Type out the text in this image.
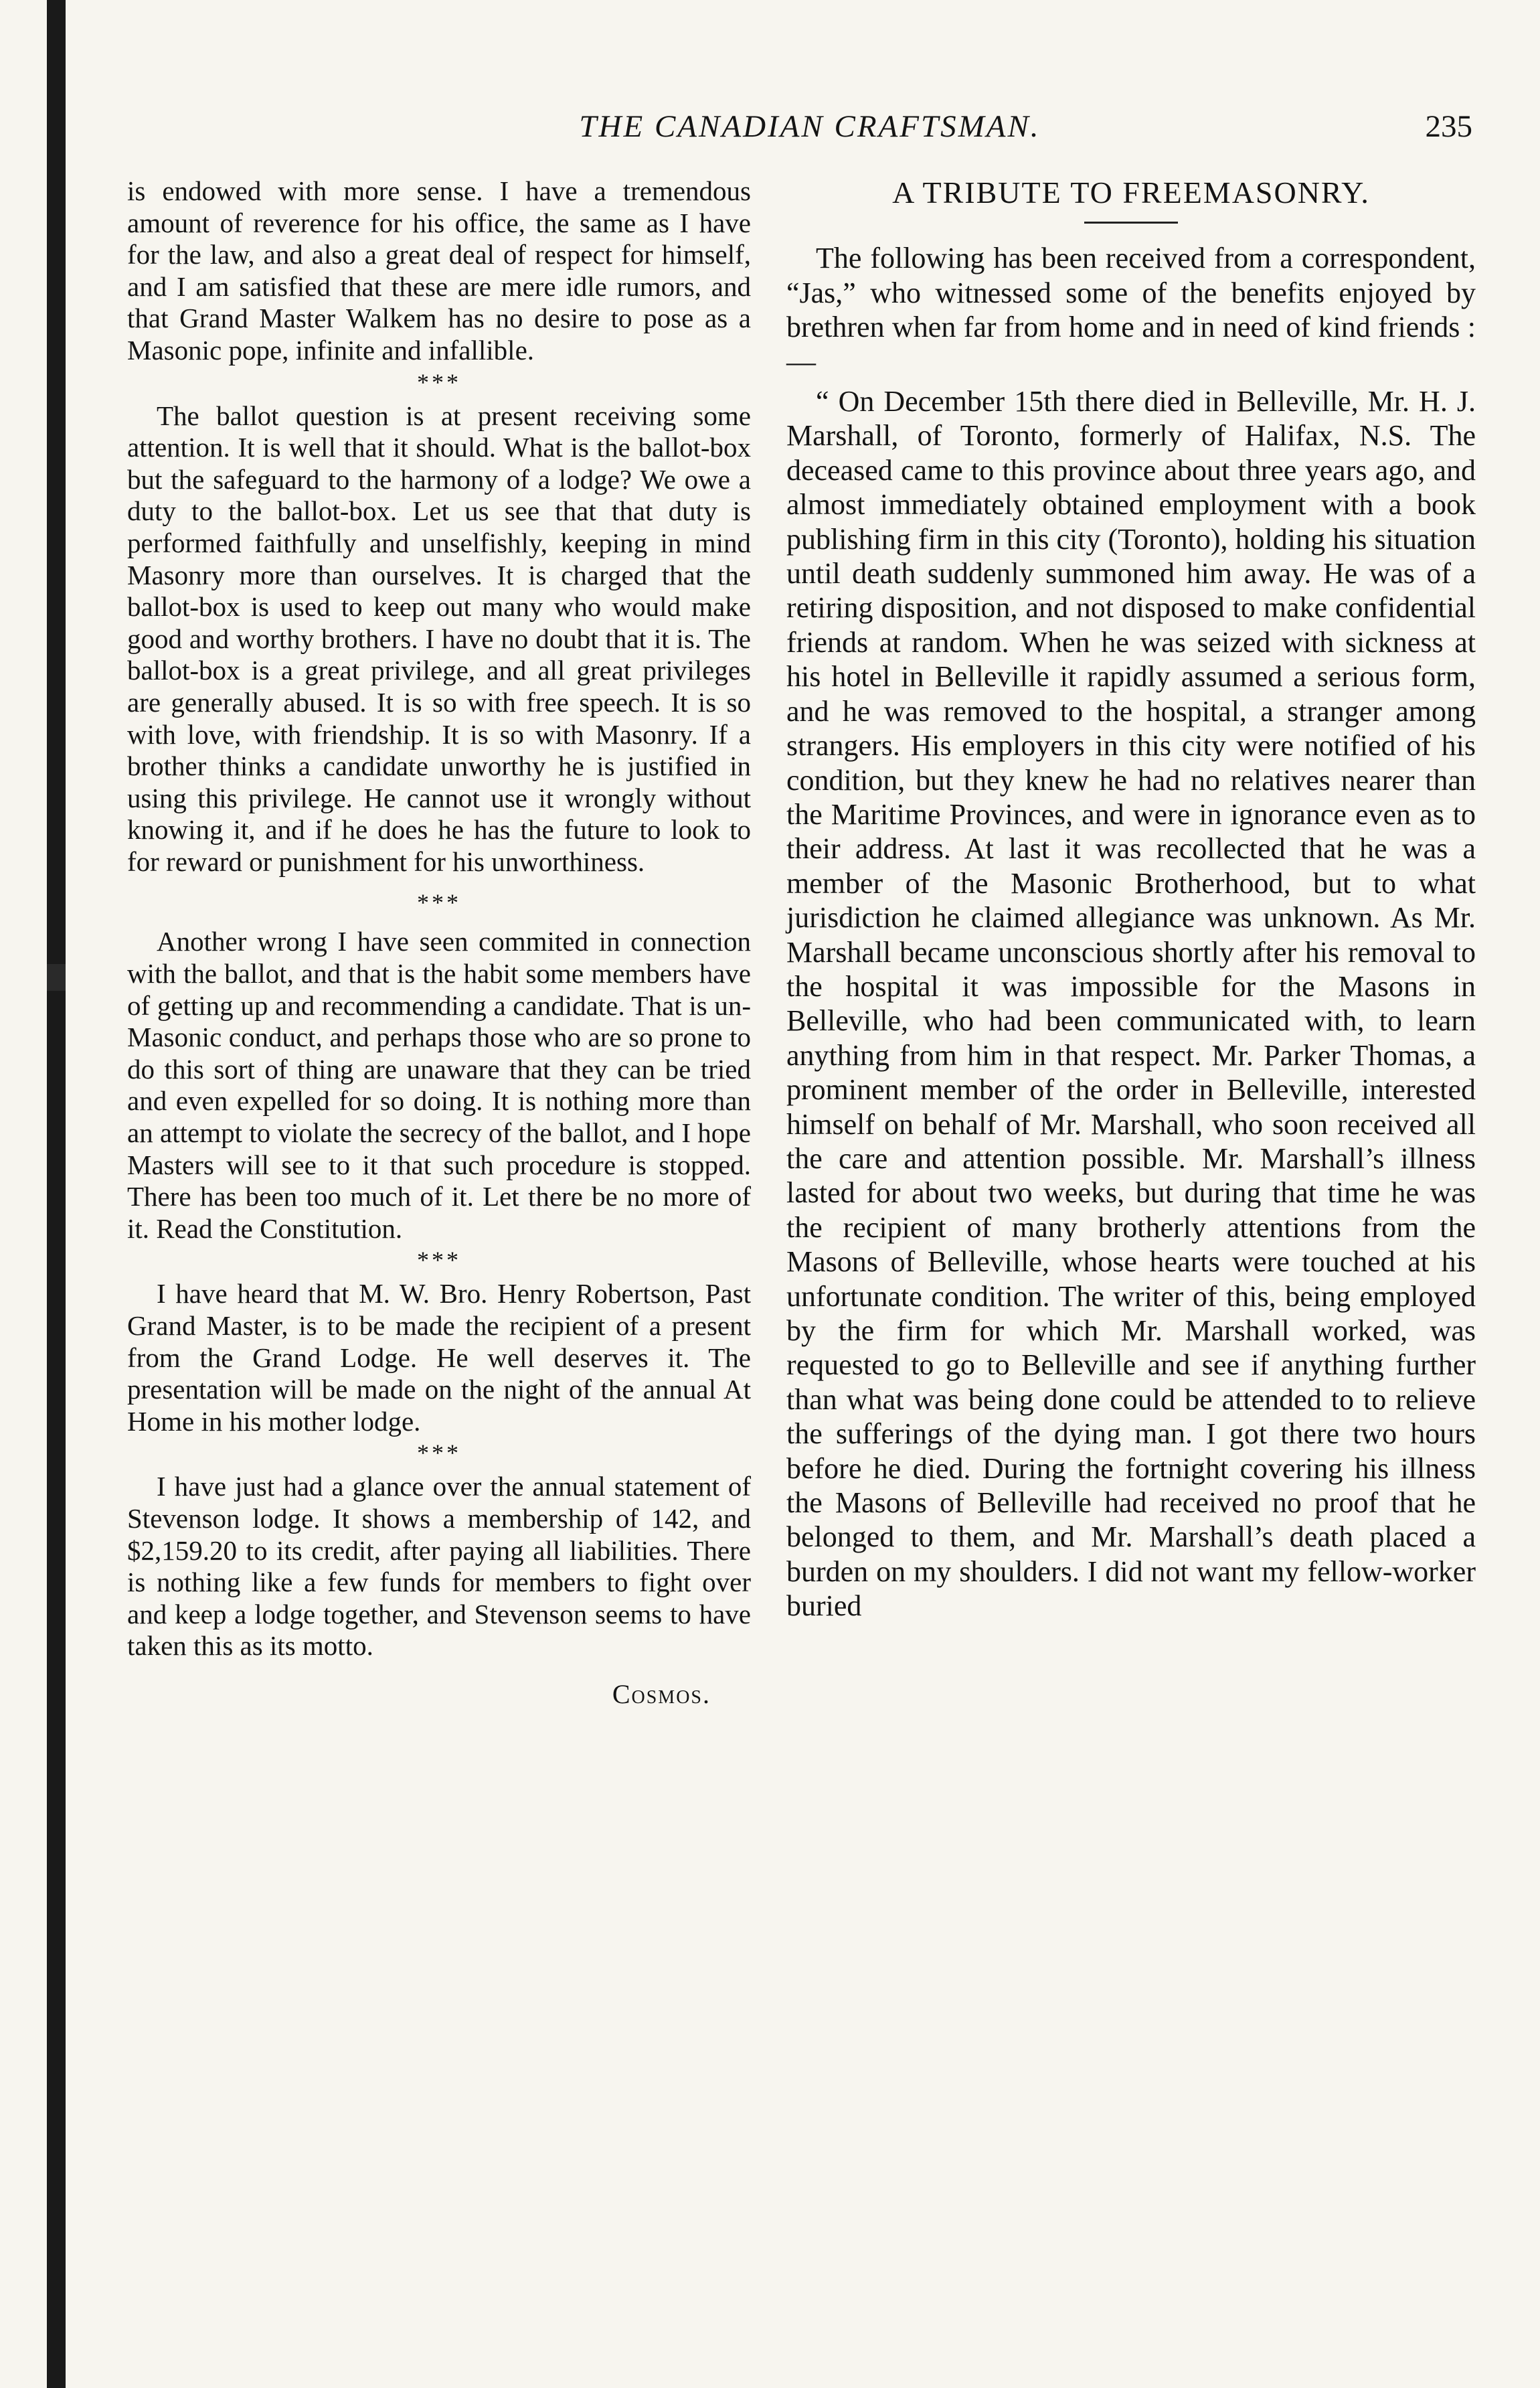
THE CANADIAN CRAFTSMAN.	235

is endowed with more sense. I have a tremendous amount of reverence for his office, the same as I have for the law, and also a great deal of respect for himself, and I am satisfied that these are mere idle rumors, and that Grand Master Walkem has no desire to pose as a Masonic pope, infinite and infallible.

***

The ballot question is at present receiving some attention. It is well that it should. What is the ballot-box but the safeguard to the harmony of a lodge? We owe a duty to the ballot-box. Let us see that that duty is performed faithfully and unselfishly, keeping in mind Masonry more than ourselves. It is charged that the ballot-box is used to keep out many who would make good and worthy brothers. I have no doubt that it is. The ballot-box is a great privilege, and all great privileges are generally abused. It is so with free speech. It is so with love, with friendship. It is so with Masonry. If a brother thinks a candidate unworthy he is justified in using this privilege. He cannot use it wrongly without knowing it, and if he does he has the future to look to for reward or punishment for his unworthiness.

***

Another wrong I have seen commited in connection with the ballot, and that is the habit some members have of getting up and recommending a candidate. That is un-Masonic conduct, and perhaps those who are so prone to do this sort of thing are unaware that they can be tried and even expelled for so doing. It is nothing more than an attempt to violate the secrecy of the ballot, and I hope Masters will see to it that such procedure is stopped. There has been too much of it. Let there be no more of it. Read the Constitution.

***

I have heard that M. W. Bro. Henry Robertson, Past Grand Master, is to be made the recipient of a present from the Grand Lodge. He well deserves it. The presentation will be made on the night of the annual At Home in his mother lodge.

***

I have just had a glance over the annual statement of Stevenson lodge. It shows a membership of 142, and $2,159.20 to its credit, after paying all liabilities. There is nothing like a few funds for members to fight over and keep a lodge together, and Stevenson seems to have taken this as its motto.

Cosmos.
A TRIBUTE TO FREEMASONRY.

The following has been received from a correspondent, “Jas,” who witnessed some of the benefits enjoyed by brethren when far from home and in need of kind friends :—

“ On December 15th there died in Belleville, Mr. H. J. Marshall, of Toronto, formerly of Halifax, N.S. The deceased came to this province about three years ago, and almost immediately obtained employment with a book publishing firm in this city (Toronto), holding his situation until death suddenly summoned him away. He was of a retiring disposition, and not disposed to make confidential friends at random. When he was seized with sickness at his hotel in Belleville it rapidly assumed a serious form, and he was removed to the hospital, a stranger among strangers. His employers in this city were notified of his condition, but they knew he had no relatives nearer than the Maritime Provinces, and were in ignorance even as to their address. At last it was recollected that he was a member of the Masonic Brotherhood, but to what jurisdiction he claimed allegiance was unknown. As Mr. Marshall became unconscious shortly after his removal to the hospital it was impossible for the Masons in Belleville, who had been communicated with, to learn anything from him in that respect. Mr. Parker Thomas, a prominent member of the order in Belleville, interested himself on behalf of Mr. Marshall, who soon received all the care and attention possible. Mr. Marshall’s illness lasted for about two weeks, but during that time he was the recipient of many brotherly attentions from the Masons of Belleville, whose hearts were touched at his unfortunate condition. The writer of this, being employed by the firm for which Mr. Marshall worked, was requested to go to Belleville and see if anything further than what was being done could be attended to to relieve the sufferings of the dying man. I got there two hours before he died. During the fortnight covering his illness the Masons of Belleville had received no proof that he belonged to them, and Mr. Marshall’s death placed a burden on my shoulders. I did not want my fellow-worker buried
